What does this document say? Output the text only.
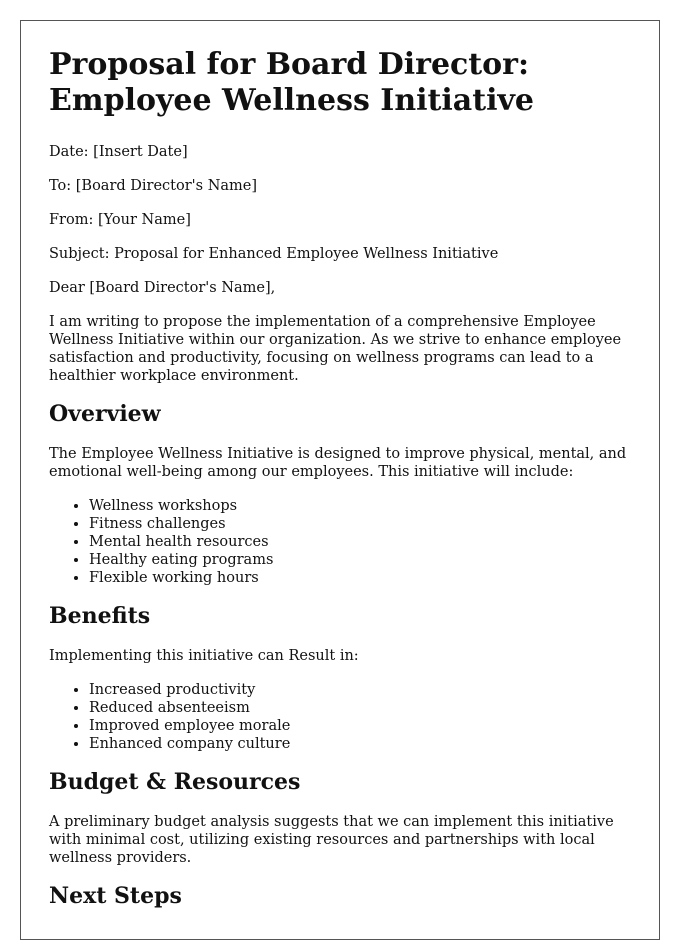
Proposal for Board Director: Employee Wellness Initiative

Date: [Insert Date]

To: [Board Director's Name]

From: [Your Name]

Subject: Proposal for Enhanced Employee Wellness Initiative

Dear [Board Director's Name],

I am writing to propose the implementation of a comprehensive Employee Wellness Initiative within our organization. As we strive to enhance employee satisfaction and productivity, focusing on wellness programs can lead to a healthier workplace environment.

Overview

The Employee Wellness Initiative is designed to improve physical, mental, and emotional well-being among our employees. This initiative will include:

• Wellness workshops
• Fitness challenges
• Mental health resources
• Healthy eating programs
• Flexible working hours
Benefits

Implementing this initiative can Result in:

• Increased productivity
• Reduced absenteeism
• Improved employee morale
• Enhanced company culture
Budget & Resources

A preliminary budget analysis suggests that we can implement this initiative with minimal cost, utilizing existing resources and partnerships with local wellness providers.

Next Steps
